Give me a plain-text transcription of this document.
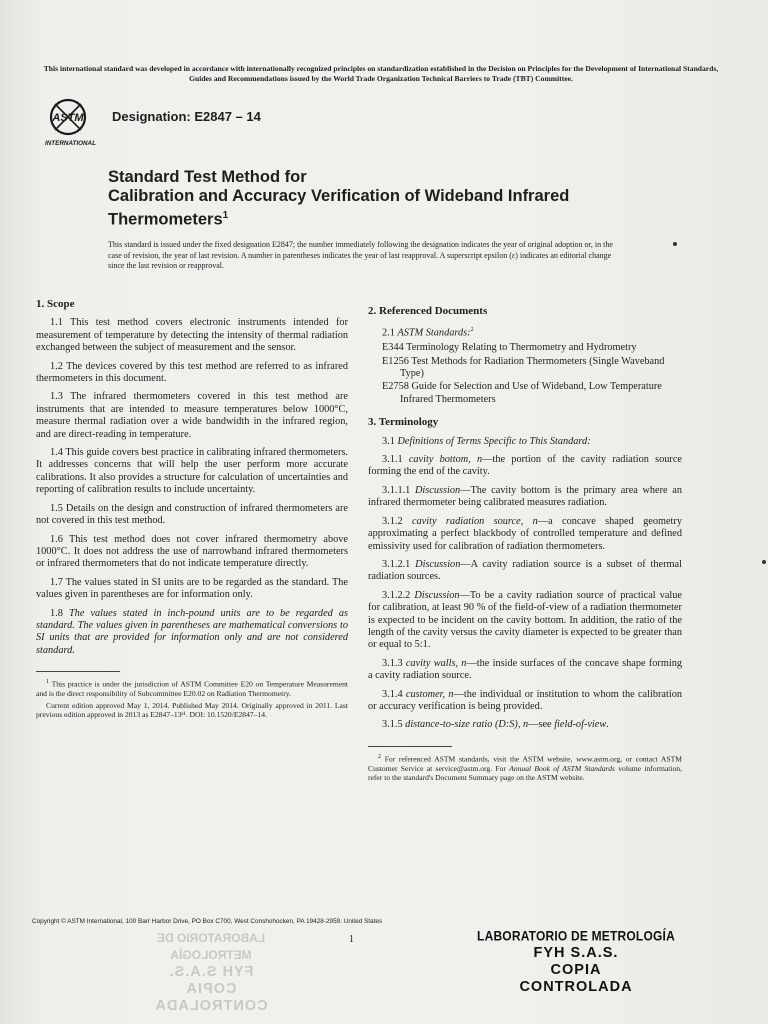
This international standard was developed in accordance with internationally recognized principles on standardization established in the Decision on Principles for the Development of International Standards, Guides and Recommendations issued by the World Trade Organization Technical Barriers to Trade (TBT) Committee.
ASTM
INTERNATIONAL
Designation: E2847 – 14
Standard Test Method for
Calibration and Accuracy Verification of Wideband Infrared
Thermometers$^1$
This standard is issued under the fixed designation E2847; the number immediately following the designation indicates the year of original adoption or, in the case of revision, the year of last revision. A number in parentheses indicates the year of last reapproval. A superscript epsilon (ε) indicates an editorial change since the last revision or reapproval.
1. Scope
1.1 This test method covers electronic instruments intended for measurement of temperature by detecting the intensity of thermal radiation exchanged between the subject of measurement and the sensor.
1.2 The devices covered by this test method are referred to as infrared thermometers in this document.
1.3 The infrared thermometers covered in this test method are instruments that are intended to measure temperatures below 1000°C, measure thermal radiation over a wide bandwidth in the infrared region, and are direct-reading in temperature.
1.4 This guide covers best practice in calibrating infrared thermometers. It addresses concerns that will help the user perform more accurate calibrations. It also provides a structure for calculation of uncertainties and reporting of calibration results to include uncertainty.
1.5 Details on the design and construction of infrared thermometers are not covered in this test method.
1.6 This test method does not cover infrared thermometry above 1000°C. It does not address the use of narrowband infrared thermometers or infrared thermometers that do not indicate temperature directly.
1.7 The values stated in SI units are to be regarded as the standard. The values given in parentheses are for information only.
1.8 The values stated in inch-pound units are to be regarded as standard. The values given in parentheses are mathematical conversions to SI units that are provided for information only and are not considered standard.
$^1$ This practice is under the jurisdiction of ASTM Committee E20 on Temperature Measurement and is the direct responsibility of Subcommittee E20.02 on Radiation Thermometry.
Current edition approved May 1, 2014. Published May 2014. Originally approved in 2011. Last previous edition approved in 2013 as E2847–13ᵉ¹. DOI: 10.1520/E2847–14.
2. Referenced Documents
2.1 ASTM Standards:$^2$
E344 Terminology Relating to Thermometry and Hydrometry
E1256 Test Methods for Radiation Thermometers (Single Waveband Type)
E2758 Guide for Selection and Use of Wideband, Low Temperature Infrared Thermometers
3. Terminology
3.1 Definitions of Terms Specific to This Standard:
3.1.1 cavity bottom, n—the portion of the cavity radiation source forming the end of the cavity.
3.1.1.1 Discussion—The cavity bottom is the primary area where an infrared thermometer being calibrated measures radiation.
3.1.2 cavity radiation source, n—a concave shaped geometry approximating a perfect blackbody of controlled temperature and defined emissivity used for calibration of radiation thermometers.
3.1.2.1 Discussion—A cavity radiation source is a subset of thermal radiation sources.
3.1.2.2 Discussion—To be a cavity radiation source of practical value for calibration, at least 90 % of the field-of-view of a radiation thermometer is expected to be incident on the cavity bottom. In addition, the ratio of the length of the cavity versus the cavity diameter is expected to be greater than or equal to 5:1.
3.1.3 cavity walls, n—the inside surfaces of the concave shape forming a cavity radiation source.
3.1.4 customer, n—the individual or institution to whom the calibration or accuracy verification is being provided.
3.1.5 distance-to-size ratio (D:S), n—see field-of-view.
$^2$ For referenced ASTM standards, visit the ASTM website, www.astm.org, or contact ASTM Customer Service at service@astm.org. For Annual Book of ASTM Standards volume information, refer to the standard's Document Summary page on the ASTM website.
Copyright © ASTM International, 100 Barr Harbor Drive, PO Box C700, West Conshohocken, PA 19428-2959. United States
1
LABORATORIO DE METROLOGÍA
FYH S.A.S.
COPIA
CONTROLADA
LABORATORIO DE METROLOGÍA
FYH S.A.S.
COPIA
CONTROLADA
